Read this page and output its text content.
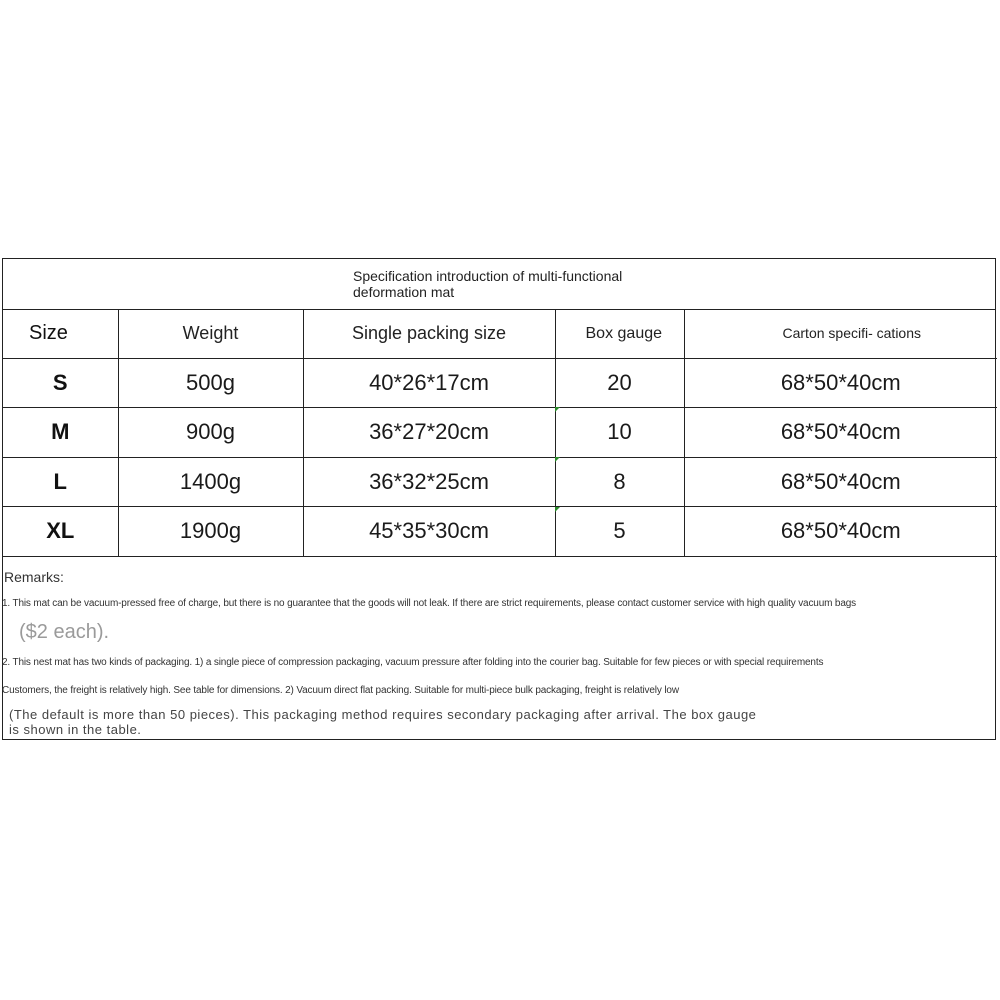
Specification introduction of multi-functional deformation mat
Size	Weight	Single packing size	Box gauge	Carton specifi- cations
S	500g	40*26*17cm	20	68*50*40cm
M	900g	36*27*20cm	10	68*50*40cm
L	1400g	36*32*25cm	8	68*50*40cm
XL	1900g	45*35*30cm	5	68*50*40cm
Remarks:
1. This mat can be vacuum-pressed free of charge, but there is no guarantee that the goods will not leak. If there are strict requirements, please contact customer service with high quality vacuum bags
($2 each).
2. This nest mat has two kinds of packaging. 1) a single piece of compression packaging, vacuum pressure after folding into the courier bag. Suitable for few pieces or with special requirements
Customers, the freight is relatively high. See table for dimensions. 2) Vacuum direct flat packing. Suitable for multi-piece bulk packaging, freight is relatively low
(The default is more than 50 pieces). This packaging method requires secondary packaging after arrival. The box gauge is shown in the table.
